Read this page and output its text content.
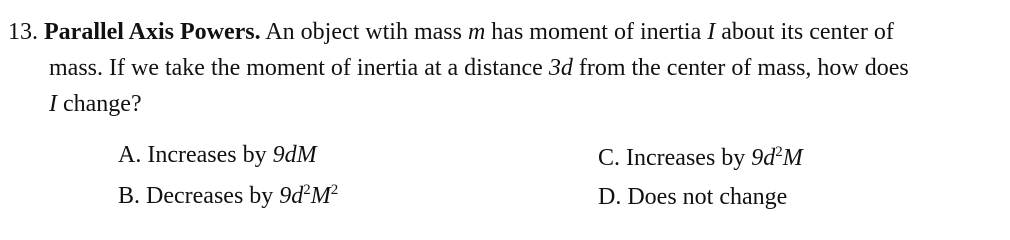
13. Parallel Axis Powers. An object wtih mass m has moment of inertia I about its center of
mass. If we take the moment of inertia at a distance 3d from the center of mass, how does
I change?
A. Increases by 9dM
B. Decreases by $9d^2M^2$
C. Increases by $9d^2M$
D. Does not change
